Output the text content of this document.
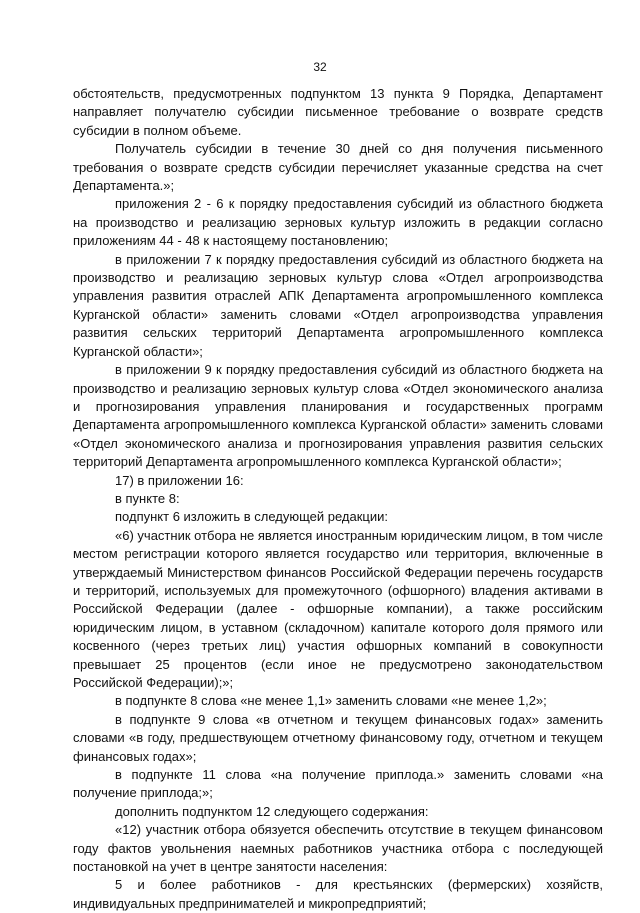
32

обстоятельств, предусмотренных подпунктом 13 пункта 9 Порядка, Департамент направляет получателю субсидии письменное требование о возврате средств субсидии в полном объеме.

Получатель субсидии в течение 30 дней со дня получения письменного требования о возврате средств субсидии перечисляет указанные средства на счет Департамента.»;

приложения 2 - 6 к порядку предоставления субсидий из областного бюджета на производство и реализацию зерновых культур изложить в редакции согласно приложениям 44 - 48 к настоящему постановлению;

в приложении 7 к порядку предоставления субсидий из областного бюджета на производство и реализацию зерновых культур слова «Отдел агропроизводства управления развития отраслей АПК Департамента агропромышленного комплекса Курганской области» заменить словами «Отдел агропроизводства управления развития сельских территорий Департамента агропромышленного комплекса Курганской области»;

в приложении 9 к порядку предоставления субсидий из областного бюджета на производство и реализацию зерновых культур слова «Отдел экономического анализа и прогнозирования управления планирования и государственных программ Департамента агропромышленного комплекса Курганской области» заменить словами «Отдел экономического анализа и прогнозирования управления развития сельских территорий Департамента агропромышленного комплекса Курганской области»;

17) в приложении 16:

в пункте 8:

подпункт 6 изложить в следующей редакции:

«6) участник отбора не является иностранным юридическим лицом, в том числе местом регистрации которого является государство или территория, включенные в утверждаемый Министерством финансов Российской Федерации перечень государств и территорий, используемых для промежуточного (офшорного) владения активами в Российской Федерации (далее - офшорные компании), а также российским юридическим лицом, в уставном (складочном) капитале которого доля прямого или косвенного (через третьих лиц) участия офшорных компаний в совокупности превышает 25 процентов (если иное не предусмотрено законодательством Российской Федерации);»;

в подпункте 8 слова «не менее 1,1» заменить словами «не менее 1,2»;

в подпункте 9 слова «в отчетном и текущем финансовых годах» заменить словами «в году, предшествующем отчетному финансовому году, отчетном и текущем финансовых годах»;

в подпункте 11 слова «на получение приплода.» заменить словами «на получение приплода;»;

дополнить подпунктом 12 следующего содержания:

«12) участник отбора обязуется обеспечить отсутствие в текущем финансовом году фактов увольнения наемных работников участника отбора с последующей постановкой на учет в центре занятости населения:

5 и более работников - для крестьянских (фермерских) хозяйств, индивидуальных предпринимателей и микропредприятий;
